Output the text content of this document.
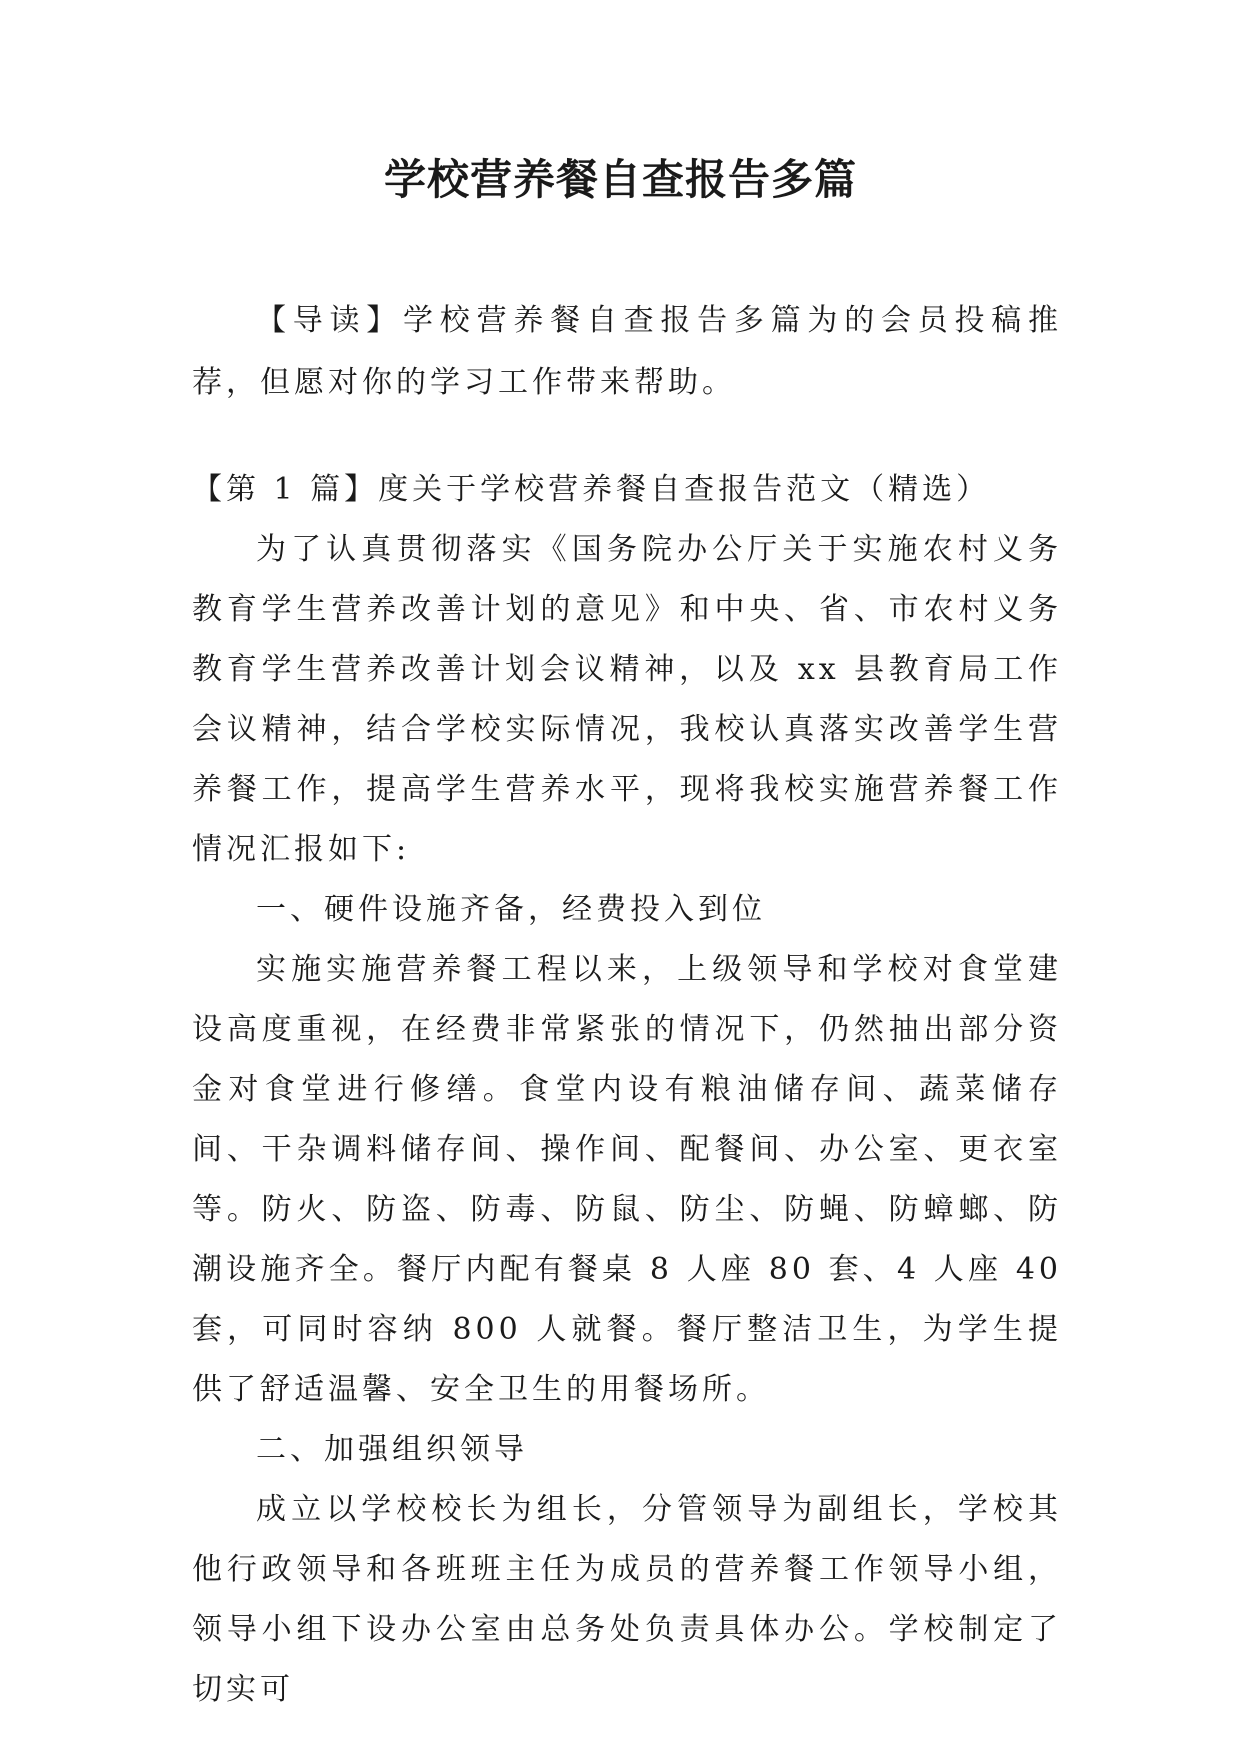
学校营养餐自查报告多篇

【导读】学校营养餐自查报告多篇为的会员投稿推荐，但愿对你的学习工作带来帮助。

【第 1 篇】度关于学校营养餐自查报告范文（精选）

为了认真贯彻落实《国务院办公厅关于实施农村义务教育学生营养改善计划的意见》和中央、省、市农村义务教育学生营养改善计划会议精神，以及 xx 县教育局工作会议精神，结合学校实际情况，我校认真落实改善学生营养餐工作，提高学生营养水平，现将我校实施营养餐工作情况汇报如下:

一、硬件设施齐备，经费投入到位

实施实施营养餐工程以来，上级领导和学校对食堂建设高度重视，在经费非常紧张的情况下，仍然抽出部分资金对食堂进行修缮。食堂内设有粮油储存间、蔬菜储存间、干杂调料储存间、操作间、配餐间、办公室、更衣室等。防火、防盗、防毒、防鼠、防尘、防蝇、防蟑螂、防潮设施齐全。餐厅内配有餐桌 8 人座 80 套、4 人座 40 套，可同时容纳 800 人就餐。餐厅整洁卫生，为学生提供了舒适温馨、安全卫生的用餐场所。

二、加强组织领导

成立以学校校长为组长，分管领导为副组长，学校其他行政领导和各班班主任为成员的营养餐工作领导小组，领导小组下设办公室由总务处负责具体办公。学校制定了切实可
